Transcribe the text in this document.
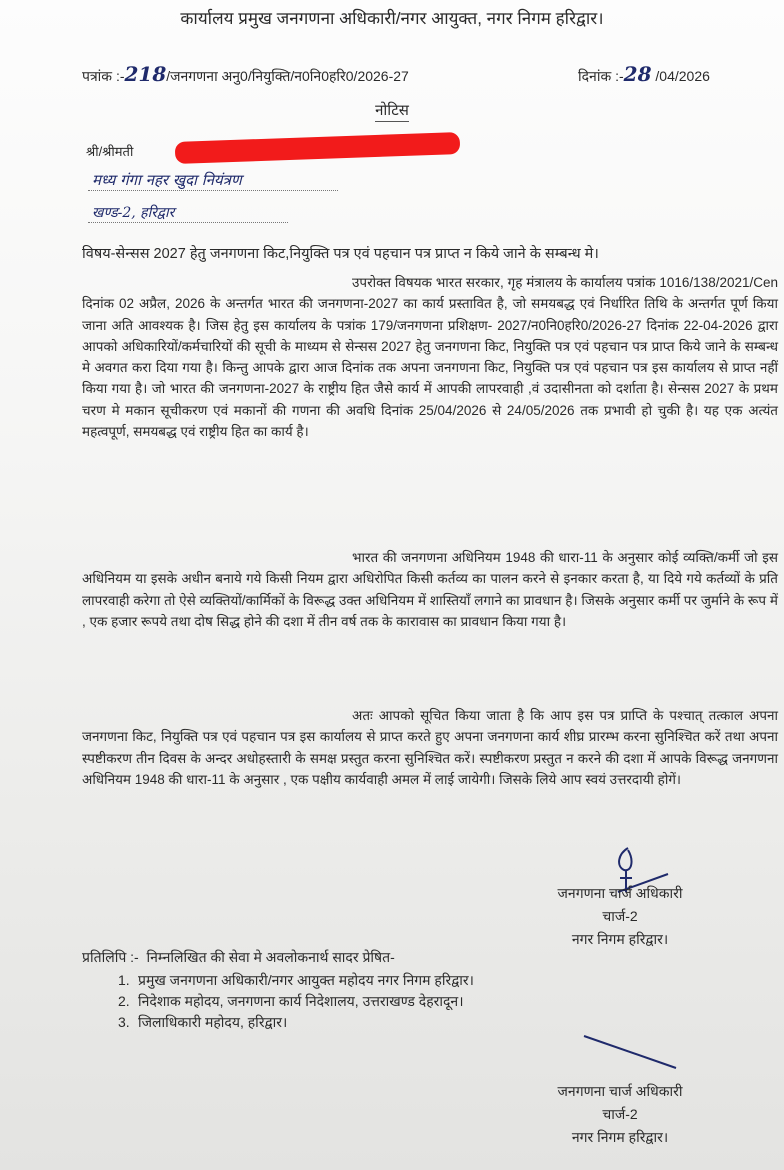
कार्यालय प्रमुख जनगणना अधिकारी/नगर आयुक्त, नगर निगम हरिद्वार।
पत्रांक :-218/जनगणना अनु0/नियुक्ति/न0नि0हरि0/2026-27	दिनांक :-28 /04/2026
नोटिस
श्री/श्रीमती
मध्य गंगा नहर खुदा नियंत्रण
खण्ड-2, हरिद्वार
विषय-सेन्सस 2027 हेतु जनगणना किट,नियुक्ति पत्र एवं पहचान पत्र प्राप्त न किये जाने के सम्बन्ध मे।
उपरोक्त विषयक भारत सरकार, गृह मंत्रालय के कार्यालय पत्रांक 1016/138/2021/Cen दिनांक 02 अप्रैल, 2026 के अन्तर्गत भारत की जनगणना-2027 का कार्य प्रस्तावित है, जो समयबद्ध एवं निर्धारित तिथि के अन्तर्गत पूर्ण किया जाना अति आवश्यक है। जिस हेतु इस कार्यालय के पत्रांक 179/जनगणना प्रशिक्षण- 2027/न0नि0हरि0/2026-27 दिनांक 22-04-2026 द्वारा आपको अधिकारियों/कर्मचारियों की सूची के माध्यम से सेन्सस 2027 हेतु जनगणना किट, नियुक्ति पत्र एवं पहचान पत्र प्राप्त किये जाने के सम्बन्ध मे अवगत करा दिया गया है। किन्तु आपके द्वारा आज दिनांक तक अपना जनगणना किट, नियुक्ति पत्र एवं पहचान पत्र इस कार्यालय से प्राप्त नहीं किया गया है। जो भारत की जनगणना-2027 के राष्ट्रीय हित जैसे कार्य में आपकी लापरवाही ,वं उदासीनता को दर्शाता है। सेन्सस 2027 के प्रथम चरण मे मकान सूचीकरण एवं मकानों की गणना की अवधि दिनांक 25/04/2026 से 24/05/2026 तक प्रभावी हो चुकी है। यह एक अत्यंत महत्वपूर्ण, समयबद्ध एवं राष्ट्रीय हित का कार्य है।
भारत की जनगणना अधिनियम 1948 की धारा-11 के अनुसार कोई व्यक्ति/कर्मी जो इस अधिनियम या इसके अधीन बनाये गये किसी नियम द्वारा अधिरोपित किसी कर्तव्य का पालन करने से इनकार करता है, या दिये गये कर्तव्यों के प्रति लापरवाही करेगा तो ऐसे व्यक्तियों/कार्मिकों के विरूद्ध उक्त अधिनियम में शास्तियाँ लगाने का प्रावधान है। जिसके अनुसार कर्मी पर जुर्माने के रूप में , एक हजार रूपये तथा दोष सिद्ध होने की दशा में तीन वर्ष तक के कारावास का प्रावधान किया गया है।
अतः आपको सूचित किया जाता है कि आप इस पत्र प्राप्ति के पश्चात् तत्काल अपना जनगणना किट, नियुक्ति पत्र एवं पहचान पत्र इस कार्यालय से प्राप्त करते हुए अपना जनगणना कार्य शीघ्र प्रारम्भ करना सुनिश्चित करें तथा अपना स्पष्टीकरण तीन दिवस के अन्दर अधोहस्तारी के समक्ष प्रस्तुत करना सुनिश्चित करें। स्पष्टीकरण प्रस्तुत न करने की दशा में आपके विरूद्ध जनगणना अधिनियम 1948 की धारा-11 के अनुसार , एक पक्षीय कार्यवाही अमल में लाई जायेगी। जिसके लिये आप स्वयं उत्तरदायी होगें।
जनगणना चार्ज अधिकारी
चार्ज-2
नगर निगम हरिद्वार।
प्रतिलिपि :- निम्नलिखित की सेवा मे अवलोकनार्थ सादर प्रेषित-
1. प्रमुख जनगणना अधिकारी/नगर आयुक्त महोदय नगर निगम हरिद्वार।
2. निदेशाक महोदय, जनगणना कार्य निदेशालय, उत्तराखण्ड देहरादून।
3. जिलाधिकारी महोदय, हरिद्वार।
जनगणना चार्ज अधिकारी
चार्ज-2
नगर निगम हरिद्वार।
